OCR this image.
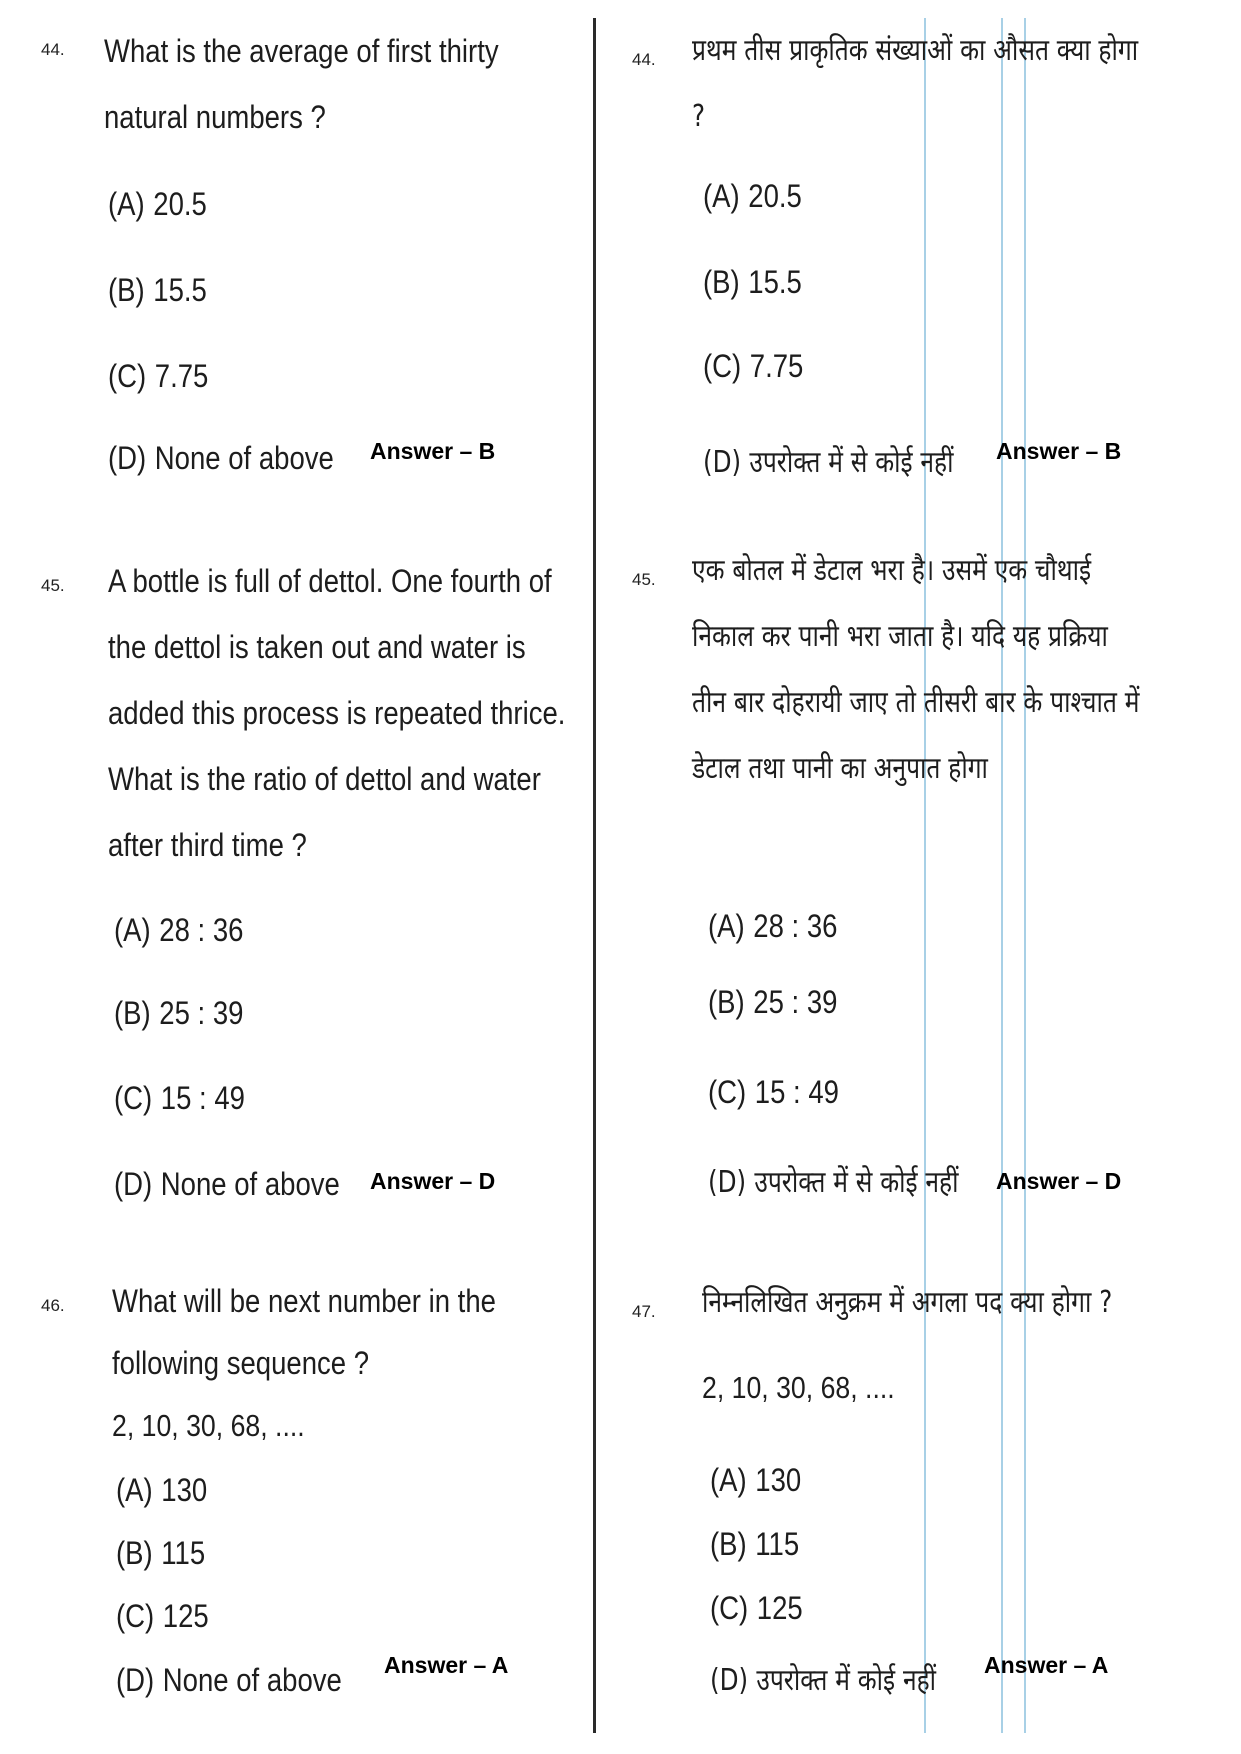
44. What is the average of first thirty
natural numbers ?

(A) 20.5
(B) 15.5
(C) 7.75
(D) None of above Answer – B
45. A bottle is full of dettol. One fourth of
the dettol is taken out and water is
added this process is repeated thrice.
What is the ratio of dettol and water
after third time ?

(A) 28 : 36
(B) 25 : 39
(C) 15 : 49
(D) None of above Answer – D
46. What will be next number in the
following sequence ?

2, 10, 30, 68, ....
(A) 130
(B) 115
(C) 125
(D) None of above Answer – A
44. प्रथम तीस प्राकृतिक संख्याओं का औसत क्या होगा ?

(A) 20.5
(B) 15.5
(C) 7.75
(D) उपरोक्त में से कोई नहीं Answer – B
45. एक बोतल में डेटाल भरा है। उसमें एक चौथाई
निकाल कर पानी भरा जाता है। यदि यह प्रक्रिया
तीन बार दोहरायी जाए तो तीसरी बार के पाश्चात में
डेटाल तथा पानी का अनुपात होगा

(A) 28 : 36
(B) 25 : 39
(C) 15 : 49
(D) उपरोक्त में से कोई नहीं Answer – D
47. निम्नलिखित अनुक्रम में अगला पद क्या होगा ?

2, 10, 30, 68, ....
(A) 130
(B) 115
(C) 125
(D) उपरोक्त में कोई नहीं Answer – A
